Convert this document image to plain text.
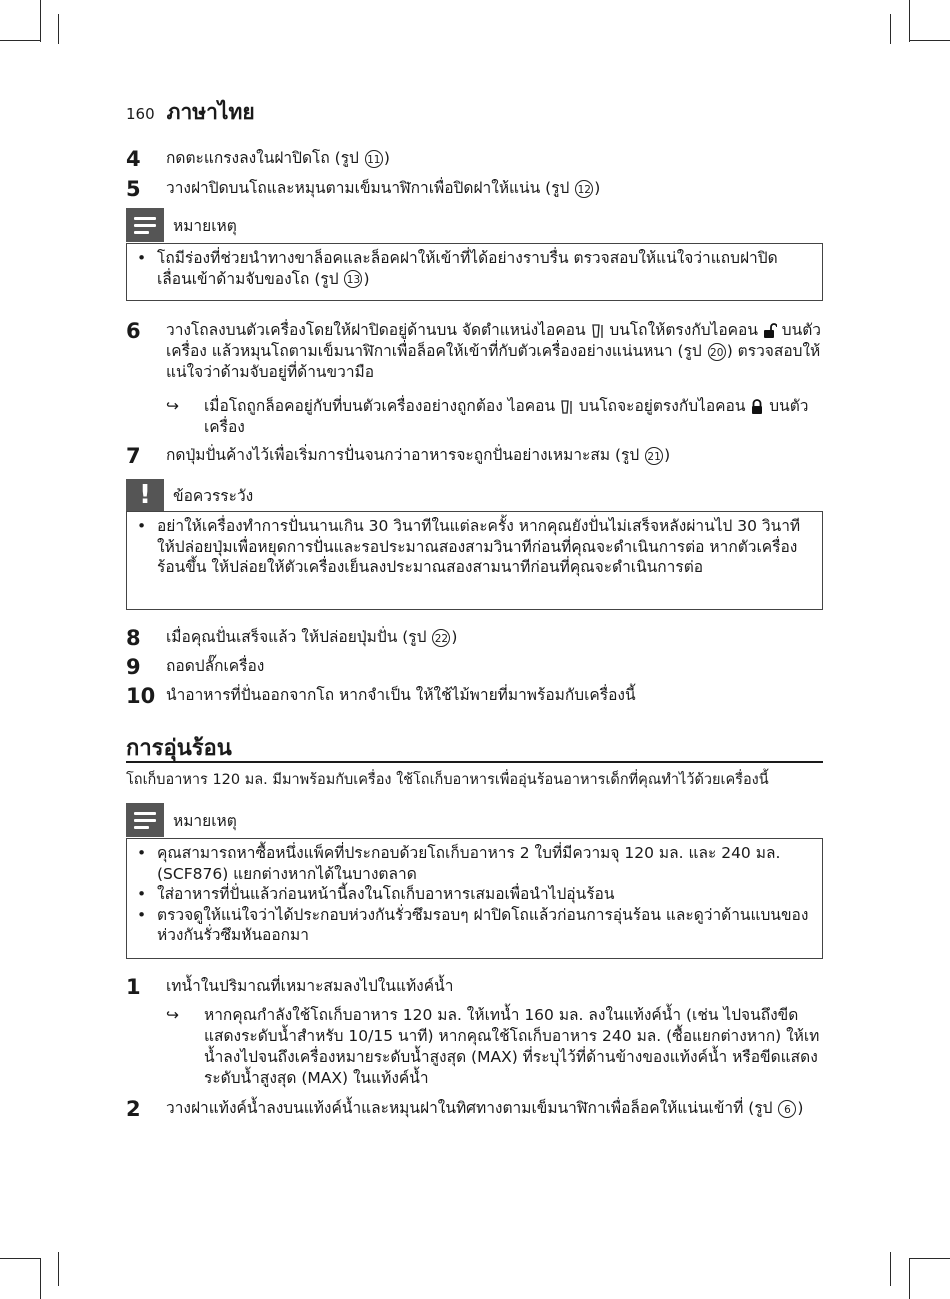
160 ภาษาไทย
4	กดตะแกรงลงในฝาปิดโถ (รูป 11 )
5	วางฝาปิดบนโถและหมุนตามเข็มนาฬิกาเพื่อปิดฝาให้แน่น (รูป 12 )
หมายเหตุ
• โถมีร่องที่ช่วยนำทางขาล็อคและล็อคฝาให้เข้าที่ได้อย่างราบรื่น ตรวจสอบให้แน่ใจว่าแถบฝาปิดเลื่อนเข้าด้ามจับของโถ (รูป 13 )
6	วางโถลงบนตัวเครื่องโดยให้ฝาปิดอยู่ด้านบน จัดตำแหน่งไอคอน  บนโถให้ตรงกับไอคอน  บนตัวเครื่อง แล้วหมุนโถตามเข็มนาฬิกาเพื่อล็อคให้เข้าที่กับตัวเครื่องอย่างแน่นหนา (รูป 20 ) ตรวจสอบให้แน่ใจว่าด้ามจับอยู่ที่ด้านขวามือ
↪	เมื่อโถถูกล็อคอยู่กับที่บนตัวเครื่องอย่างถูกต้อง ไอคอน  บนโถจะอยู่ตรงกับไอคอน  บนตัวเครื่อง
7	กดปุ่มปั่นค้างไว้เพื่อเริ่มการปั่นจนกว่าอาหารจะถูกปั่นอย่างเหมาะสม (รูป 21 )
!	ข้อควรระวัง
• อย่าให้เครื่องทำการปั่นนานเกิน 30 วินาทีในแต่ละครั้ง หากคุณยังปั่นไม่เสร็จหลังผ่านไป 30 วินาที ให้ปล่อยปุ่มเพื่อหยุดการปั่นและรอประมาณสองสามวินาทีก่อนที่คุณจะดำเนินการต่อ หากตัวเครื่องร้อนขึ้น ให้ปล่อยให้ตัวเครื่องเย็นลงประมาณสองสามนาทีก่อนที่คุณจะดำเนินการต่อ
8	เมื่อคุณปั่นเสร็จแล้ว ให้ปล่อยปุ่มปั่น (รูป 22 )
9	ถอดปลั๊กเครื่อง
10 นำอาหารที่ปั่นออกจากโถ หากจำเป็น ให้ใช้ไม้พายที่มาพร้อมกับเครื่องนี้
การอุ่นร้อน
โถเก็บอาหาร 120 มล. มีมาพร้อมกับเครื่อง ใช้โถเก็บอาหารเพื่ออุ่นร้อนอาหารเด็กที่คุณทำไว้ด้วยเครื่องนี้
หมายเหตุ
• คุณสามารถหาซื้อหนึ่งแพ็คที่ประกอบด้วยโถเก็บอาหาร 2 ใบที่มีความจุ 120 มล. และ 240 มล. (SCF876) แยกต่างหากได้ในบางตลาด
• ใส่อาหารที่ปั่นแล้วก่อนหน้านี้ลงในโถเก็บอาหารเสมอเพื่อนำไปอุ่นร้อน
• ตรวจดูให้แน่ใจว่าได้ประกอบห่วงกันรั่วซึมรอบๆ ฝาปิดโถแล้วก่อนการอุ่นร้อน และดูว่าด้านแบนของห่วงกันรั่วซึมหันออกมา
1	เทน้ำในปริมาณที่เหมาะสมลงไปในแท้งค์น้ำ
↪	หากคุณกำลังใช้โถเก็บอาหาร 120 มล. ให้เทน้ำ 160 มล. ลงในแท้งค์น้ำ (เช่น ไปจนถึงขีดแสดงระดับน้ำสำหรับ 10/15 นาที) หากคุณใช้โถเก็บอาหาร 240 มล. (ซื้อแยกต่างหาก) ให้เทน้ำลงไปจนถึงเครื่องหมายระดับน้ำสูงสุด (MAX) ที่ระบุไว้ที่ด้านข้างของแท้งค์น้ำ หรือขีดแสดงระดับน้ำสูงสุด (MAX) ในแท้งค์น้ำ
2	วางฝาแท้งค์น้ำลงบนแท้งค์น้ำและหมุนฝาในทิศทางตามเข็มนาฬิกาเพื่อล็อคให้แน่นเข้าที่ (รูป 6 )
